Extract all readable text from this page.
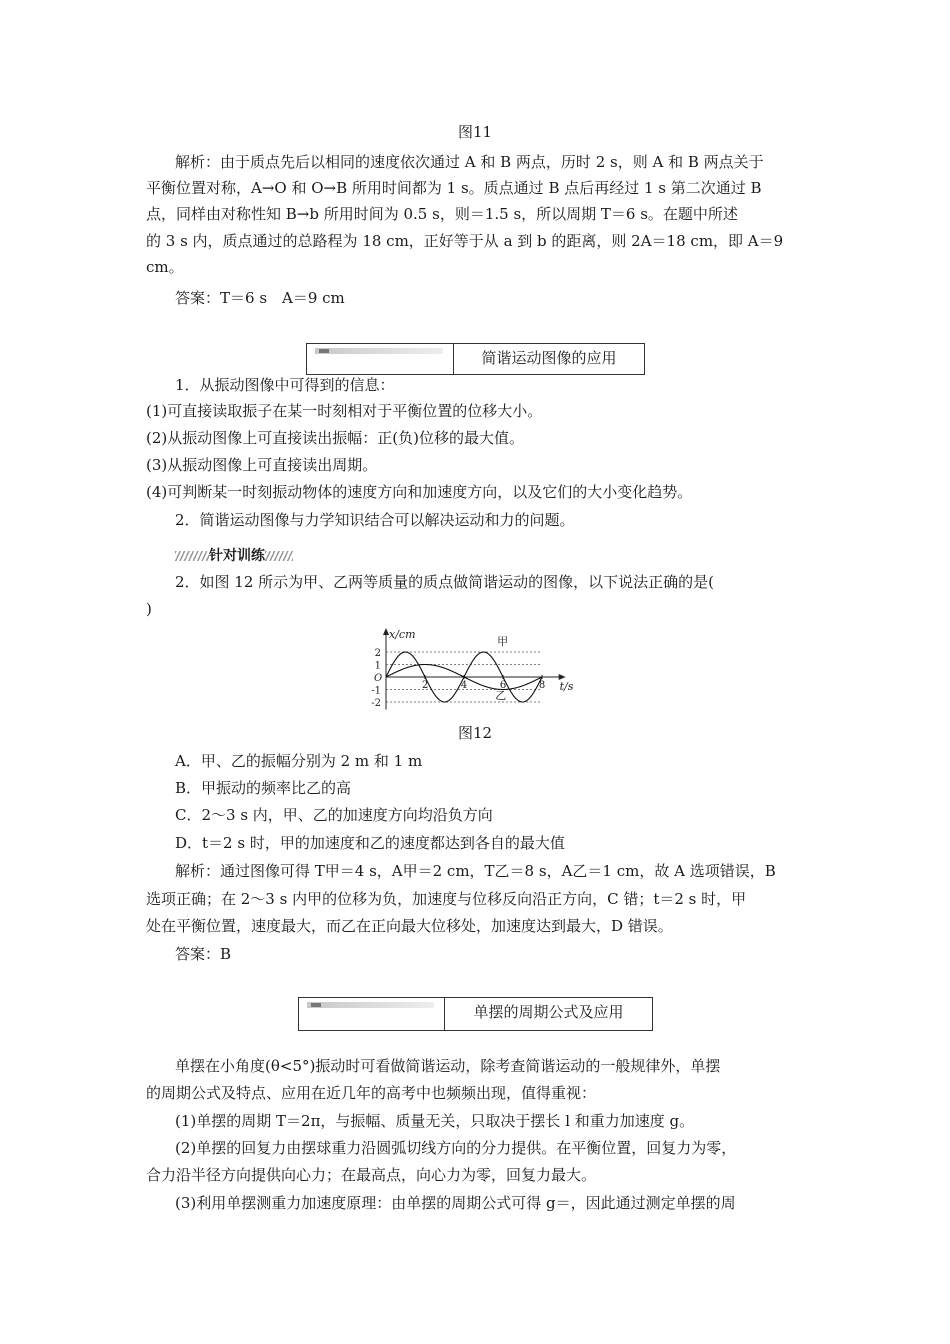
图11
解析：由于质点先后以相同的速度依次通过 A 和 B 两点，历时 2 s，则 A 和 B 两点关于
平衡位置对称，A→O 和 O→B 所用时间都为 1 s。质点通过 B 点后再经过 1 s 第二次通过 B
点，同样由对称性知 B→b 所用时间为 0.5 s，则＝1.5 s，所以周期 T＝6 s。在题中所述
的 3 s 内，质点通过的总路程为 18 cm，正好等于从 a 到 b 的距离，则 2A＝18 cm，即 A＝9
cm。
答案：T＝6 s　A＝9 cm
简谐运动图像的应用
1．从振动图像中可得到的信息：
(1)可直接读取振子在某一时刻相对于平衡位置的位移大小。
(2)从振动图像上可直接读出振幅：正(负)位移的最大值。
(3)从振动图像上可直接读出周期。
(4)可判断某一时刻振动物体的速度方向和加速度方向，以及它们的大小变化趋势。
2．简谐运动图像与力学知识结合可以解决运动和力的问题。
针对训练
2．如图 12 所示为甲、乙两等质量的质点做简谐运动的图像，以下说法正确的是(
)
x/cm
t/s
O
2
1
-1
-2
2	4	6	8
甲
乙
图12
A．甲、乙的振幅分别为 2 m 和 1 m
B．甲振动的频率比乙的高
C．2～3 s 内，甲、乙的加速度方向均沿负方向
D．t＝2 s 时，甲的加速度和乙的速度都达到各自的最大值
解析：通过图像可得 T甲＝4 s，A甲＝2 cm，T乙＝8 s，A乙＝1 cm，故 A 选项错误，B
选项正确；在 2～3 s 内甲的位移为负，加速度与位移反向沿正方向，C 错；t＝2 s 时，甲
处在平衡位置，速度最大，而乙在正向最大位移处，加速度达到最大，D 错误。
答案：B
单摆的周期公式及应用
单摆在小角度(θ<5°)振动时可看做简谐运动，除考查简谐运动的一般规律外，单摆
的周期公式及特点、应用在近几年的高考中也频频出现，值得重视：
(1)单摆的周期 T＝2π，与振幅、质量无关，只取决于摆长 l 和重力加速度 g。
(2)单摆的回复力由摆球重力沿圆弧切线方向的分力提供。在平衡位置，回复力为零，
合力沿半径方向提供向心力；在最高点，向心力为零，回复力最大。
(3)利用单摆测重力加速度原理：由单摆的周期公式可得 g＝，因此通过测定单摆的周
